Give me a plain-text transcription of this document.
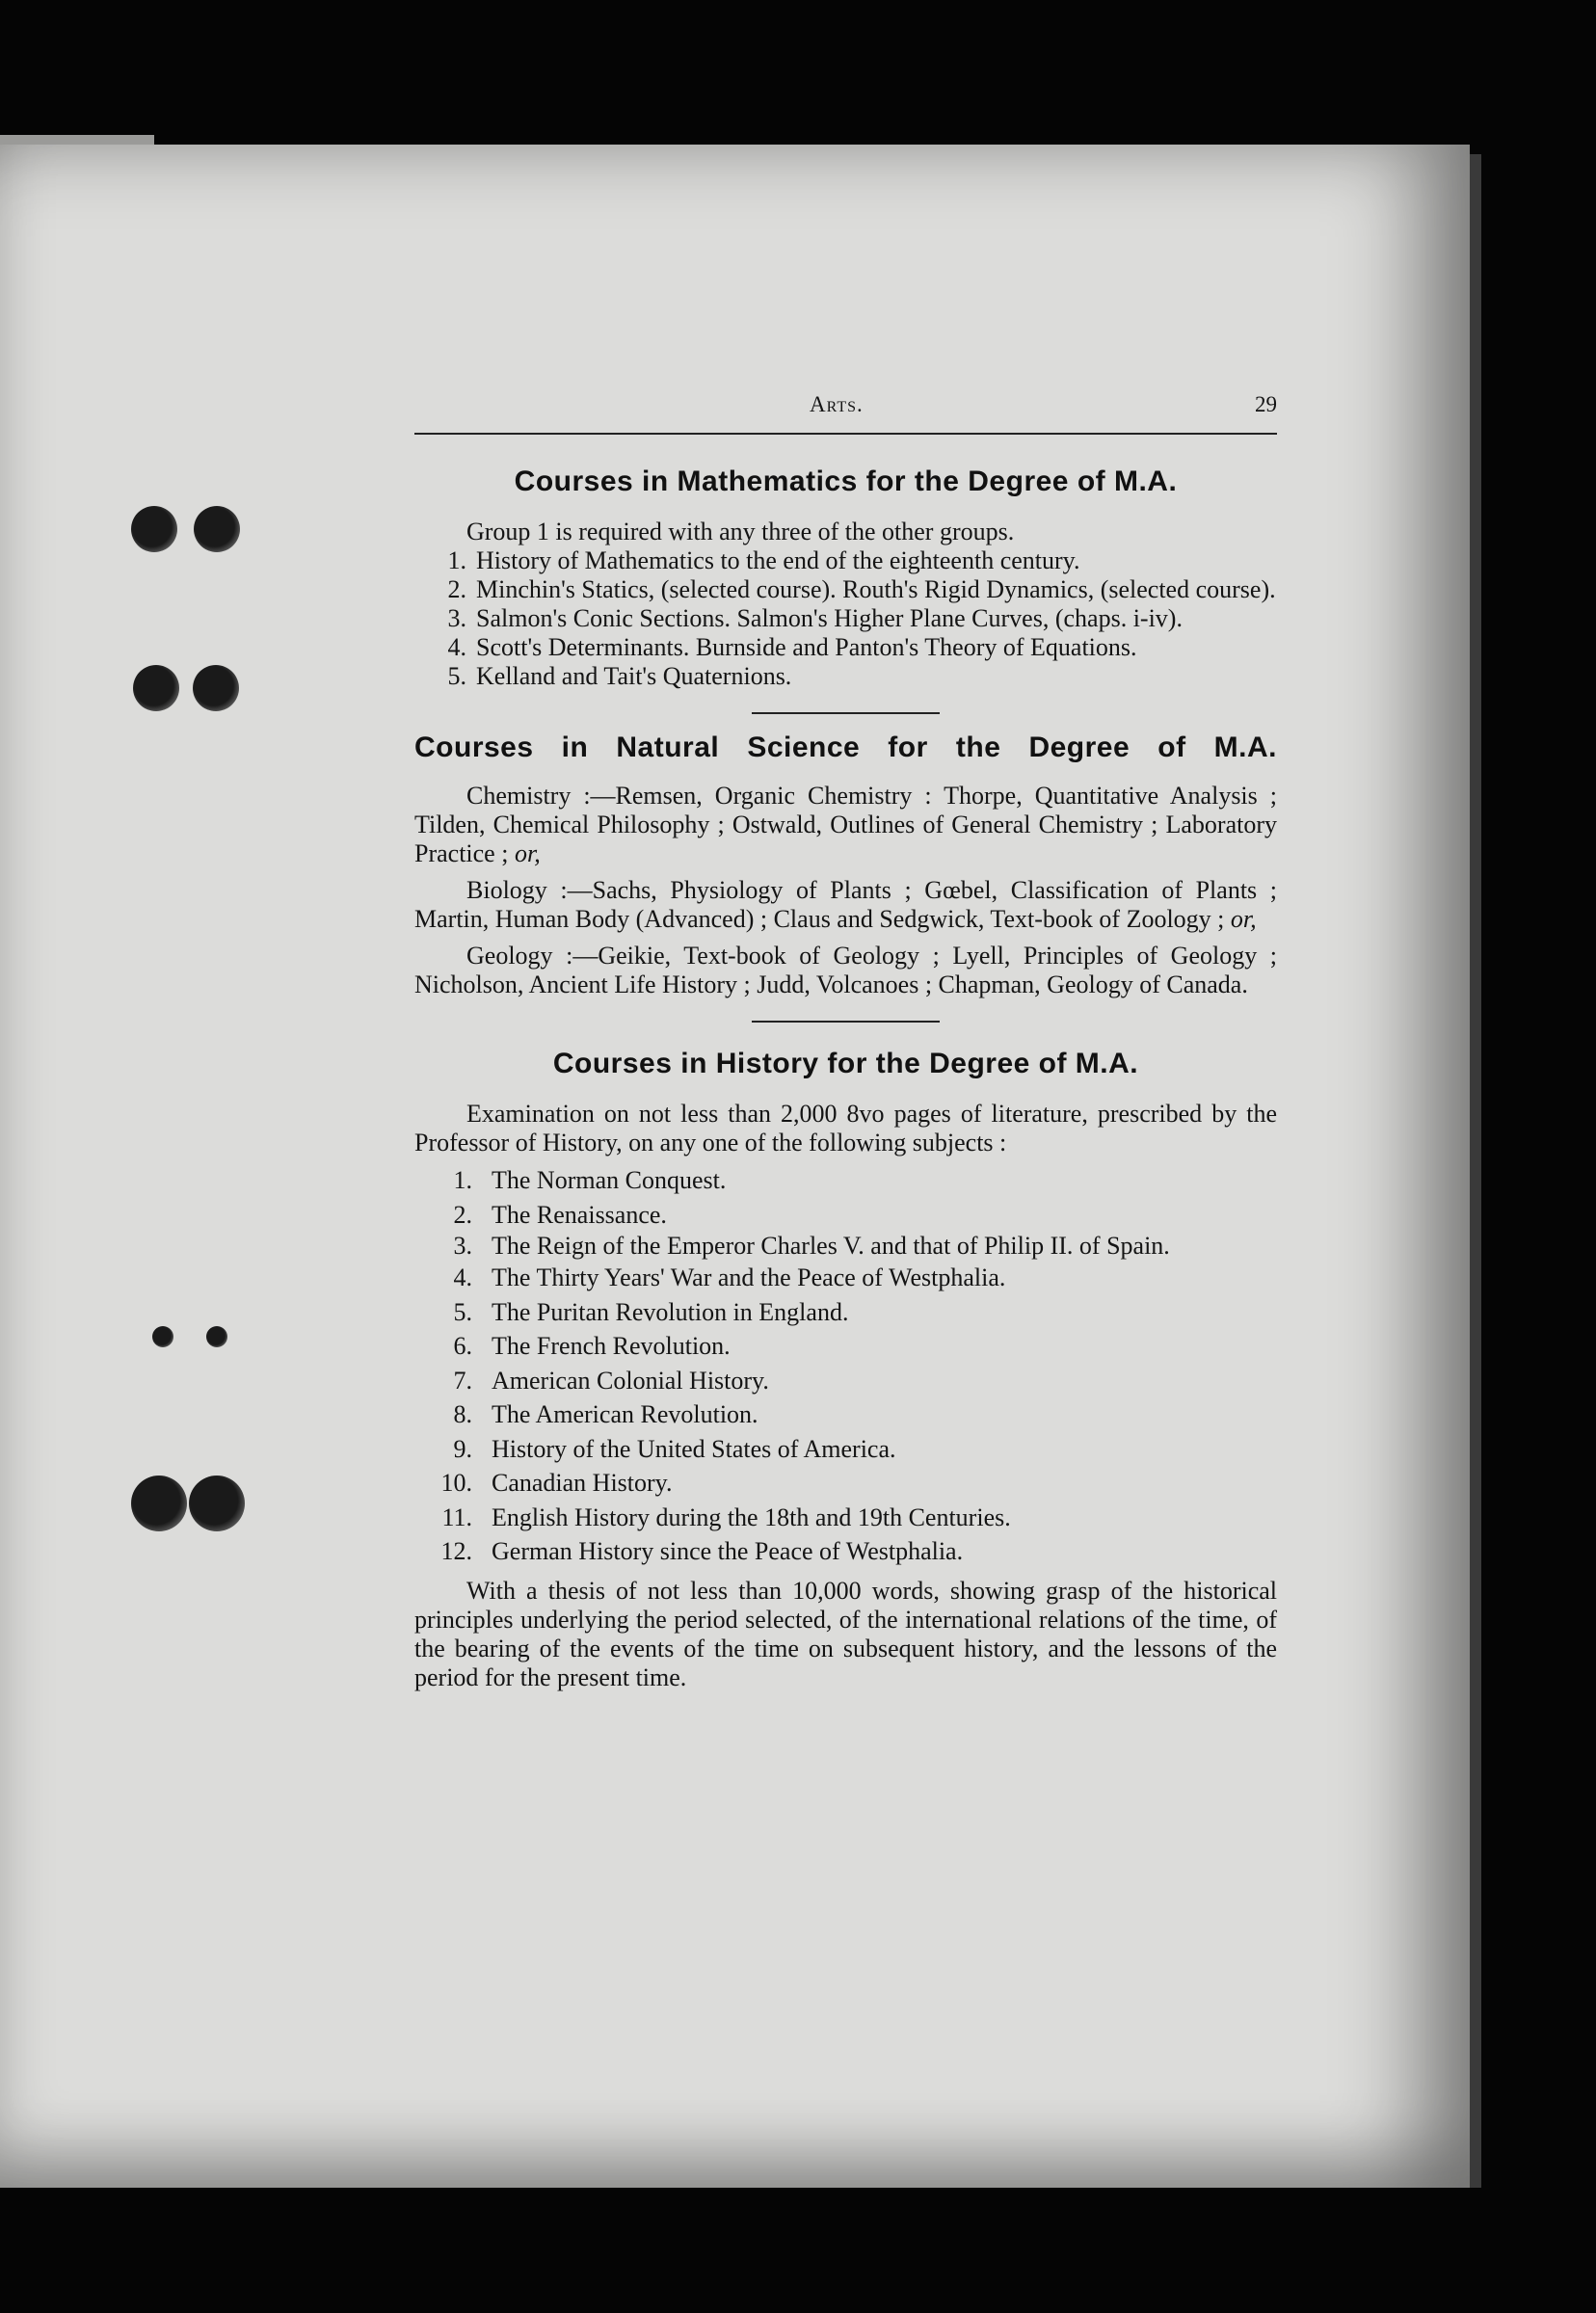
Arts.	29
Courses in Mathematics for the Degree of M.A.

Group 1 is required with any three of the other groups.

1. History of Mathematics to the end of the eighteenth century.
2. Minchin's Statics, (selected course). Routh's Rigid Dynamics, (selected course).
3. Salmon's Conic Sections. Salmon's Higher Plane Curves, (chaps. i-iv).
4. Scott's Determinants. Burnside and Panton's Theory of Equations.
5. Kelland and Tait's Quaternions.
Courses in Natural Science for the Degree of M.A.

Chemistry :—Remsen, Organic Chemistry : Thorpe, Quantitative Analysis ; Tilden, Chemical Philosophy ; Ostwald, Outlines of General Chemistry ; Laboratory Practice ; or,

Biology :—Sachs, Physiology of Plants ; Gœbel, Classification of Plants ; Martin, Human Body (Advanced) ; Claus and Sedgwick, Text-book of Zoology ; or,

Geology :—Geikie, Text-book of Geology ; Lyell, Principles of Geology ; Nicholson, Ancient Life History ; Judd, Volcanoes ; Chapman, Geology of Canada.

Courses in History for the Degree of M.A.

Examination on not less than 2,000 8vo pages of literature, prescribed by the Professor of History, on any one of the following subjects :

1. The Norman Conquest.
2. The Renaissance.
3. The Reign of the Emperor Charles V. and that of Philip II. of Spain.
4. The Thirty Years' War and the Peace of Westphalia.
5. The Puritan Revolution in England.
6. The French Revolution.
7. American Colonial History.
8. The American Revolution.
9. History of the United States of America.
10. Canadian History.
11. English History during the 18th and 19th Centuries.
12. German History since the Peace of Westphalia.

With a thesis of not less than 10,000 words, showing grasp of the historical principles underlying the period selected, of the international relations of the time, of the bearing of the events of the time on subsequent history, and the lessons of the period for the present time.
